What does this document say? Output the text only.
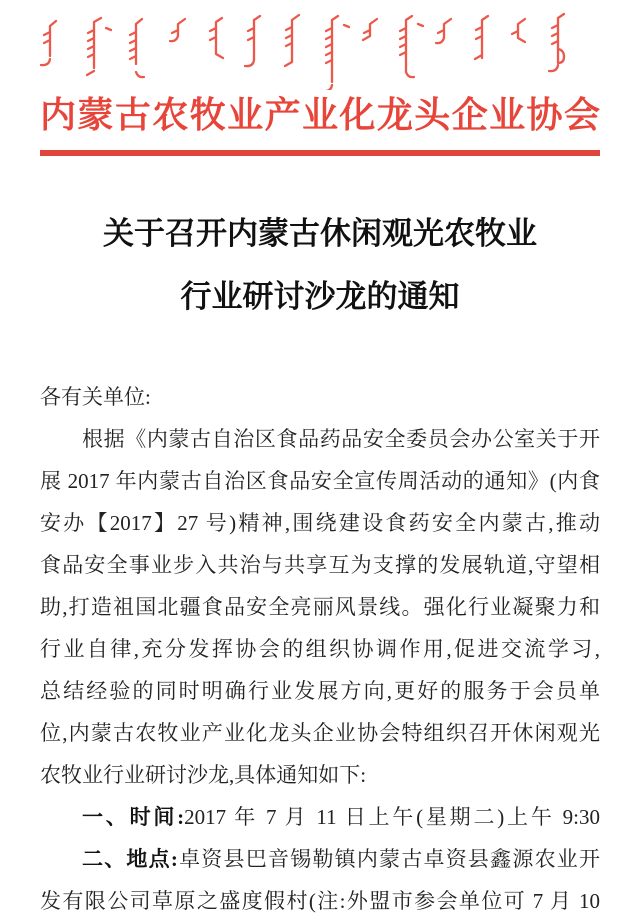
内蒙古农牧业产业化龙头企业协会
关于召开内蒙古休闲观光农牧业
行业研讨沙龙的通知
各有关单位:
根据《内蒙古自治区食品药品安全委员会办公室关于开
展 2017 年内蒙古自治区食品安全宣传周活动的通知》(内食
安办【2017】27 号)精神,围绕建设食药安全内蒙古,推动
食品安全事业步入共治与共享互为支撑的发展轨道,守望相
助,打造祖国北疆食品安全亮丽风景线。强化行业凝聚力和
行业自律,充分发挥协会的组织协调作用,促进交流学习,
总结经验的同时明确行业发展方向,更好的服务于会员单
位,内蒙古农牧业产业化龙头企业协会特组织召开休闲观光
农牧业行业研讨沙龙,具体通知如下:
一、时间:2017 年 7 月 11 日上午(星期二)上午 9:30
二、地点:卓资县巴音锡勒镇内蒙古卓资县鑫源农业开
发有限公司草原之盛度假村(注:外盟市参会单位可 7 月 10
